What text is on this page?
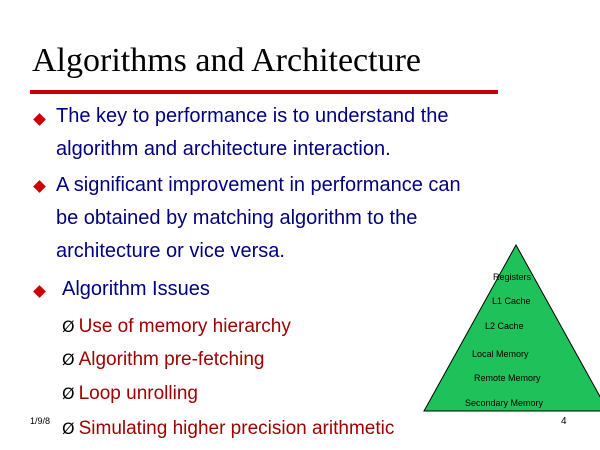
Algorithms and Architecture
The key to performance is to understand the
algorithm and architecture interaction.
A significant improvement in performance can
be obtained by matching algorithm to the
architecture or vice versa.
Algorithm Issues
Ø Use of memory hierarchy
Ø Algorithm pre-fetching
Ø Loop unrolling
Ø Simulating higher precision arithmetic
Registers
L1 Cache
L2 Cache
Local Memory
Remote Memory
Secondary Memory
1/9/8	4
